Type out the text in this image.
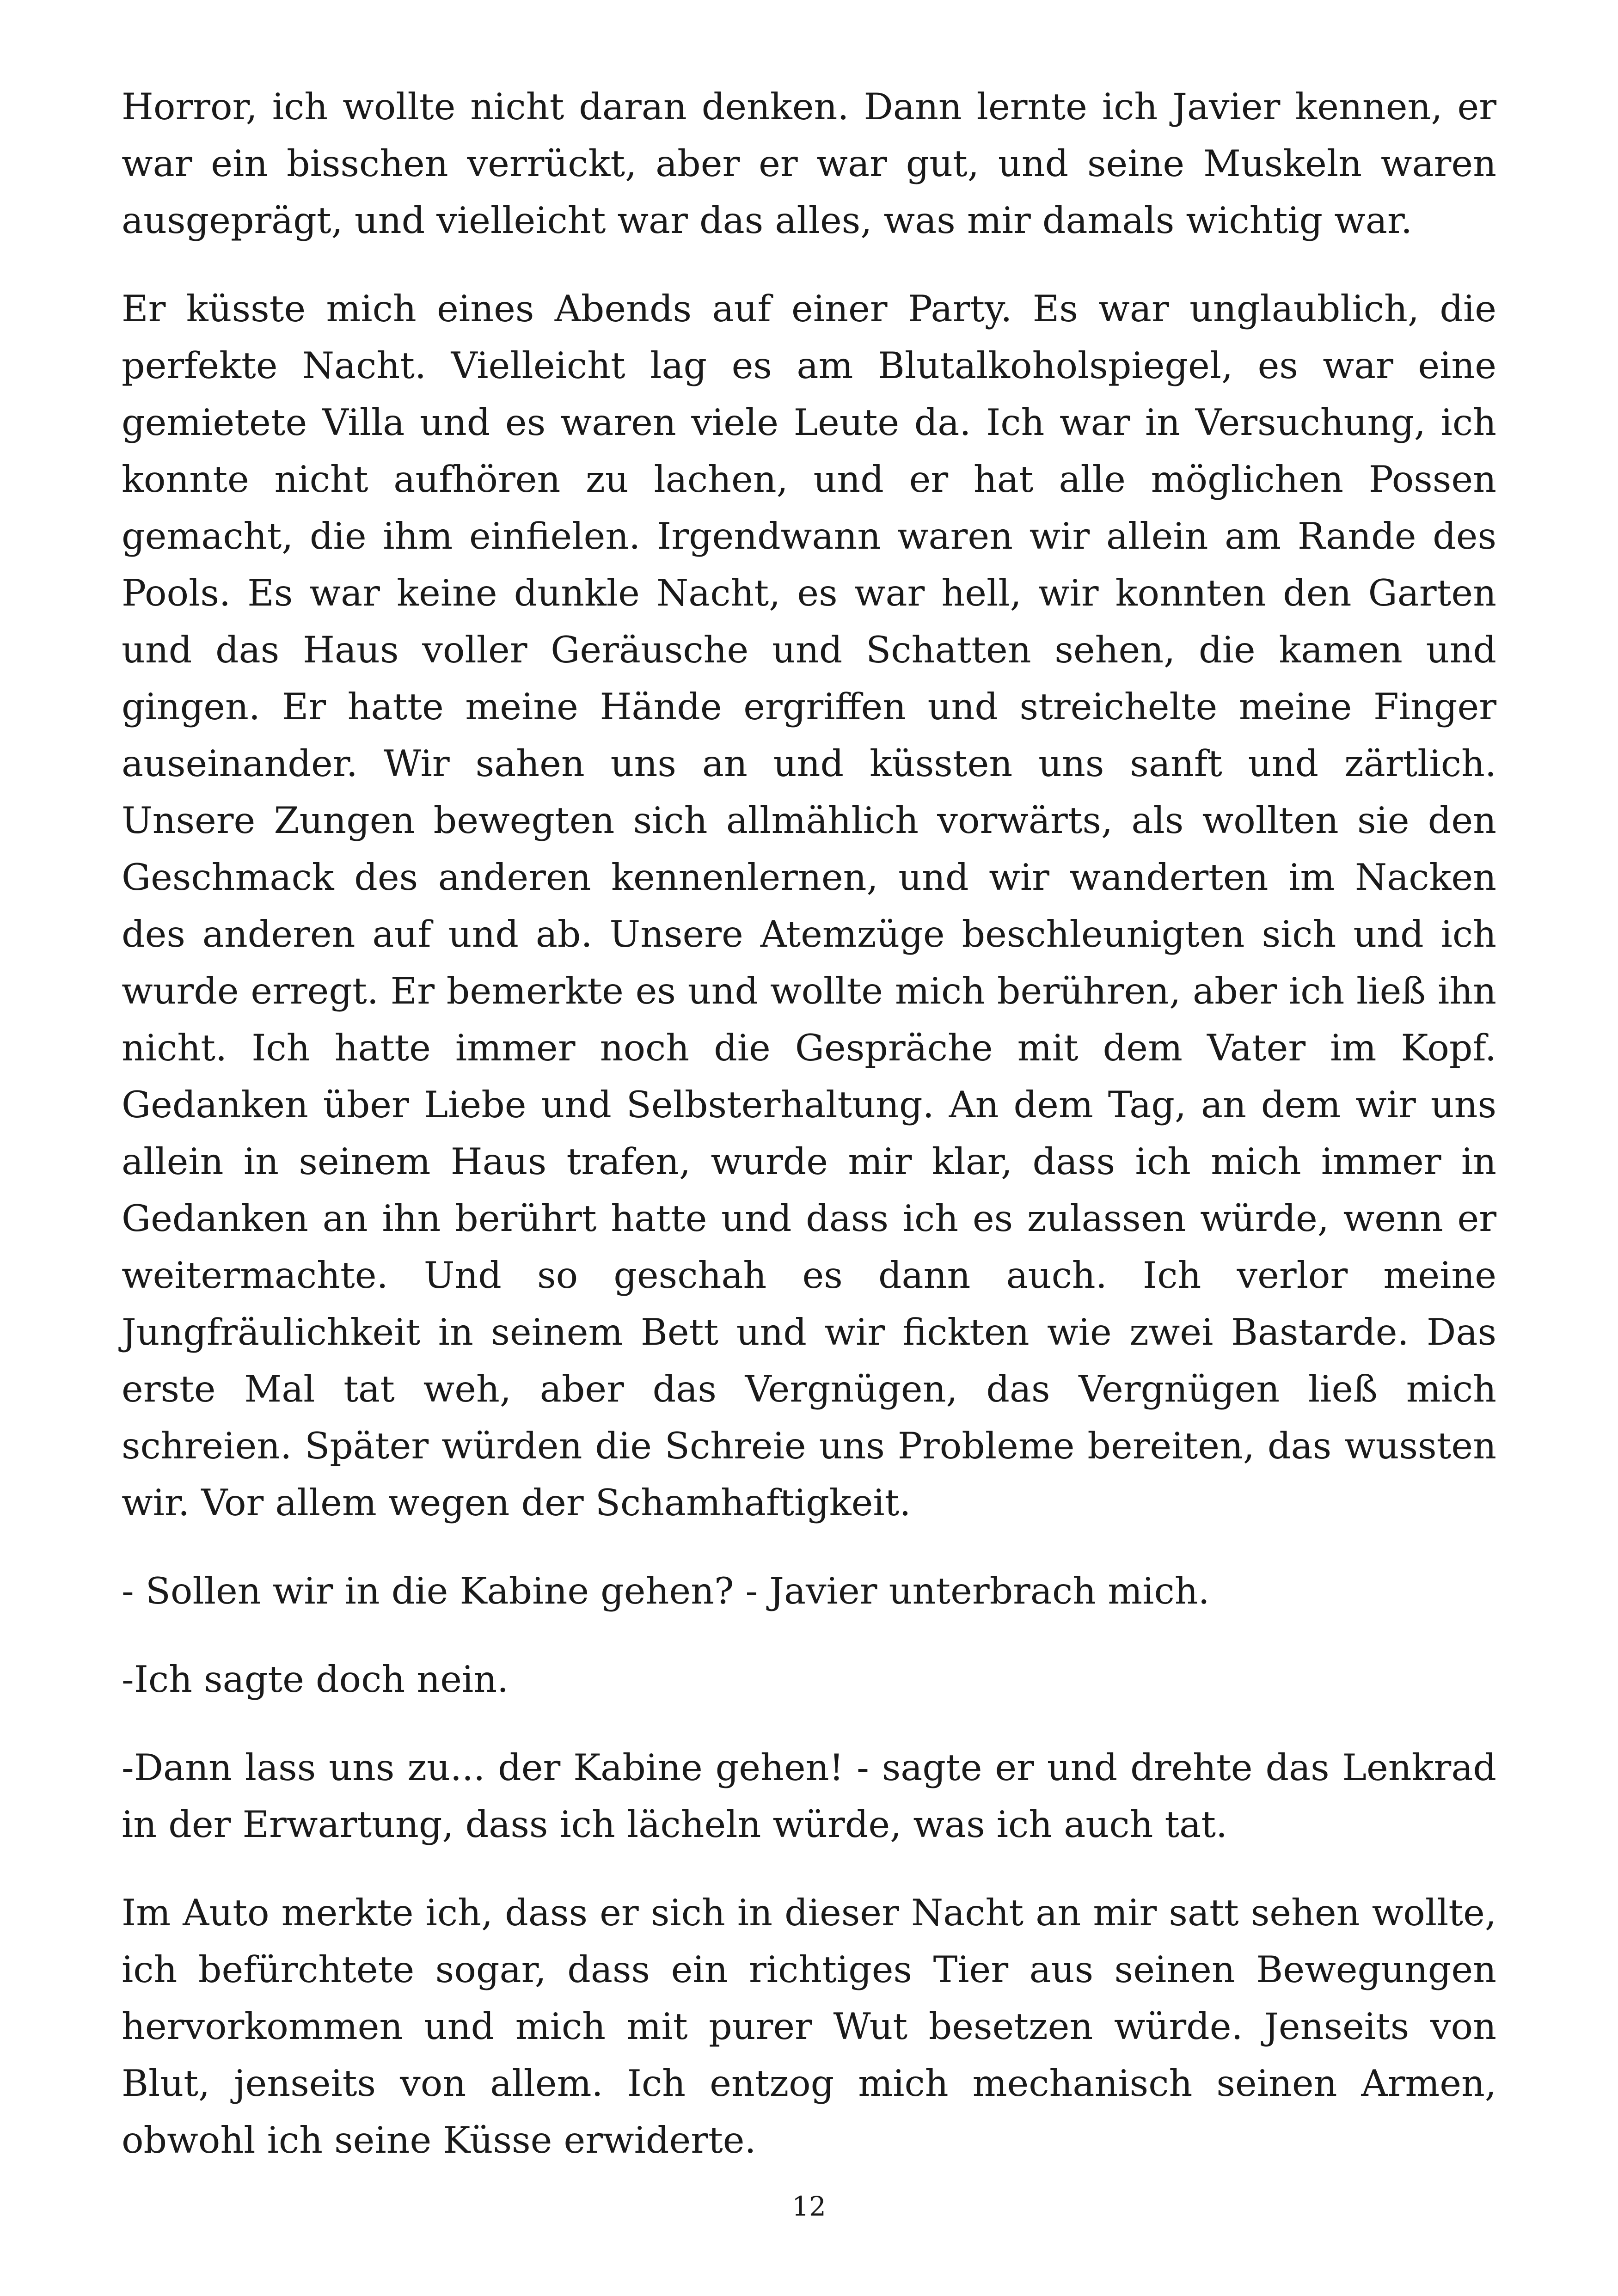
Horror, ich wollte nicht daran denken. Dann lernte ich Javier kennen, er war ein bisschen verrückt, aber er war gut, und seine Muskeln waren ausgeprägt, und vielleicht war das alles, was mir damals wichtig war.

Er küsste mich eines Abends auf einer Party. Es war unglaublich, die perfekte Nacht. Vielleicht lag es am Blutalkoholspiegel, es war eine gemietete Villa und es waren viele Leute da. Ich war in Versuchung, ich konnte nicht aufhören zu lachen, und er hat alle möglichen Possen gemacht, die ihm einfielen. Irgendwann waren wir allein am Rande des Pools. Es war keine dunkle Nacht, es war hell, wir konnten den Garten und das Haus voller Geräusche und Schatten sehen, die kamen und gingen. Er hatte meine Hände ergriffen und streichelte meine Finger auseinander. Wir sahen uns an und küssten uns sanft und zärtlich. Unsere Zungen bewegten sich allmählich vorwärts, als wollten sie den Geschmack des anderen kennenlernen, und wir wanderten im Nacken des anderen auf und ab. Unsere Atemzüge beschleunigten sich und ich wurde erregt. Er bemerkte es und wollte mich berühren, aber ich ließ ihn nicht. Ich hatte immer noch die Gespräche mit dem Vater im Kopf. Gedanken über Liebe und Selbsterhaltung. An dem Tag, an dem wir uns allein in seinem Haus trafen, wurde mir klar, dass ich mich immer in Gedanken an ihn berührt hatte und dass ich es zulassen würde, wenn er weitermachte. Und so geschah es dann auch. Ich verlor meine Jungfräulichkeit in seinem Bett und wir fickten wie zwei Bastarde. Das erste Mal tat weh, aber das Vergnügen, das Vergnügen ließ mich schreien. Später würden die Schreie uns Probleme bereiten, das wussten wir. Vor allem wegen der Schamhaftigkeit.

- Sollen wir in die Kabine gehen? - Javier unterbrach mich.

-Ich sagte doch nein.

-Dann lass uns zu... der Kabine gehen! - sagte er und drehte das Lenkrad in der Erwartung, dass ich lächeln würde, was ich auch tat.

Im Auto merkte ich, dass er sich in dieser Nacht an mir satt sehen wollte, ich befürchtete sogar, dass ein richtiges Tier aus seinen Bewegungen hervorkommen und mich mit purer Wut besetzen würde. Jenseits von Blut, jenseits von allem. Ich entzog mich mechanisch seinen Armen, obwohl ich seine Küsse erwiderte.

12
